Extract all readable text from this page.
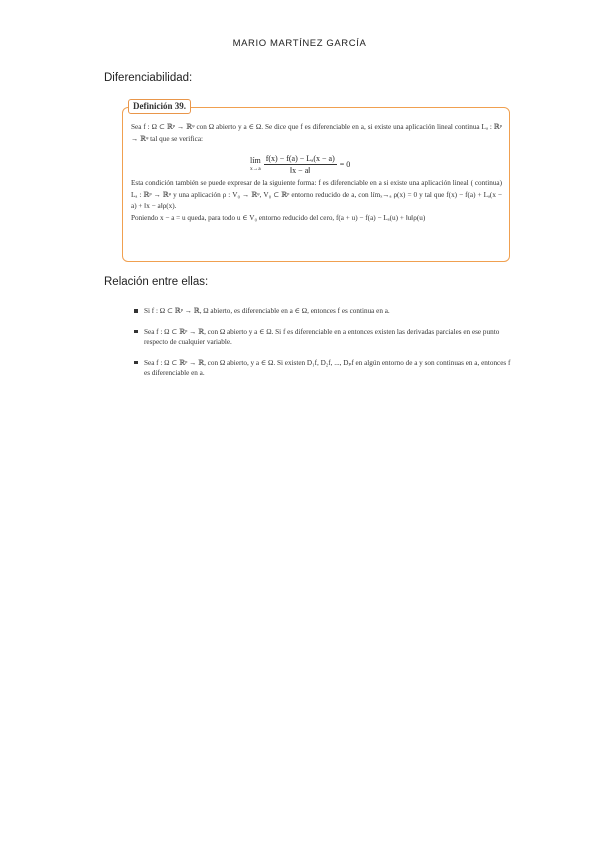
MARIO MARTÍNEZ GARCÍA
Diferenciabilidad:
Definición 39.

Sea f : Ω ⊂ ℝᵖ → ℝᵠ con Ω abierto y a ∈ Ω. Se dice que f es diferenciable en a, si existe una aplicación lineal continua Lₐ : ℝᵖ → ℝᵠ tal que se verifica:

Esta condición también se puede expresar de la siguiente forma: f es diferenciable en a si existe una aplicación lineal ( continua) Lₐ : ℝᵖ → ℝᵠ y una aplicación ρ : V₀ → ℝᵠ, V₀ ⊂ ℝᵖ entorno reducido de a, con límₓ→ₐ ρ(x) = 0 y tal que f(x) − f(a) + Lₐ(x − a) + ‖x − a‖ρ(x).

Poniendo x − a = u queda, para todo u ∈ V₀ entorno reducido del cero, f(a + u) − f(a) − Lₐ(u) + ‖u‖ρ(u)

lím
$x\to a \frac{\text{f(x) − f(a) − Lₐ(x − a)}}{‖x - a‖} = 0$
Relación entre ellas:
Si f : Ω ⊂ ℝᵖ → ℝ, Ω abierto, es diferenciable en a ∈ Ω, entonces f es continua en a.
Sea f : Ω ⊂ ℝᵖ → ℝ, con Ω abierto y a ∈ Ω. Si f es diferenciable en a entonces existen las derivadas parciales en ese punto respecto de cualquier variable.
Sea f : Ω ⊂ ℝᵖ → ℝ, con Ω abierto, y a ∈ Ω. Si existen D₁f, D₂f, ..., Dₚf en algún entorno de a y son continuas en a, entonces f es diferenciable en a.
